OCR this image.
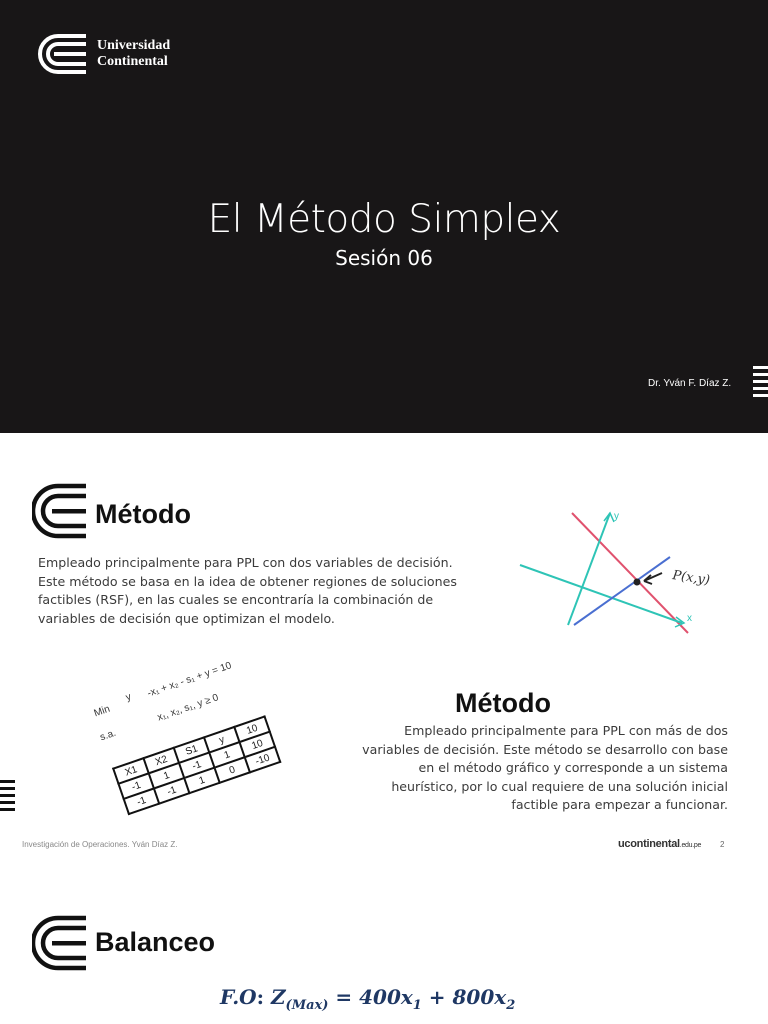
Universidad
Continental
El Método Simplex
Sesión 06
Dr. Yván F. Díaz Z.
Método
Empleado principalmente para PPL con dos variables de decisión.
Este método se basa en la idea de obtener regiones de soluciones
factibles (RSF), en las cuales se encontraría la combinación de
variables de decisión que optimizan el modelo.
y
x
P(x,y)
Min
y
s.a.
-x₁ + x₂ - s₁ + y = 10
x₁, x₂, s₁, y ≥ 0
X1	X2	S1	y	10
-1	1	-1	1	10
-1	-1	1	0	-10
Método
Empleado principalmente para PPL con más de dos
variables de decisión. Este método se desarrollo con base
en el método gráfico y corresponde a un sistema
heurístico, por lo cual requiere de una solución inicial
factible para empezar a funcionar.
Investigación de Operaciones. Yván Díaz Z.	ucontinental.edu.pe 2
Balanceo
F.O: $Z_{(Max)} = 400x_1 + 800x_2$
